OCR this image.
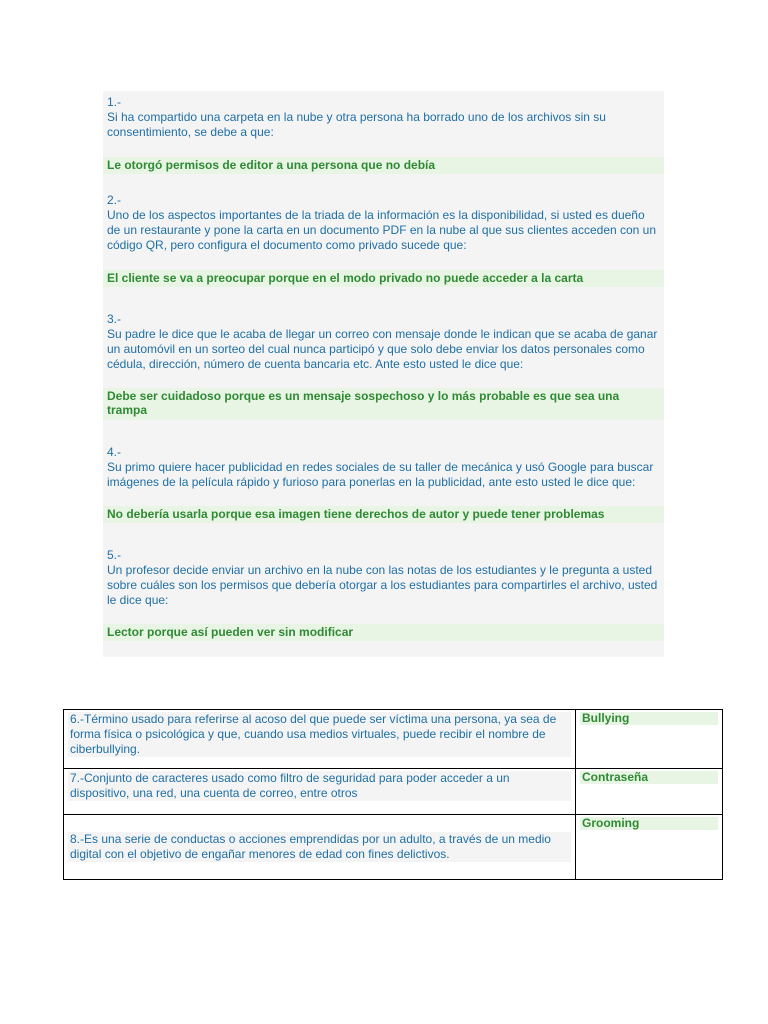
1.-
Si ha compartido una carpeta en la nube y otra persona ha borrado uno de los archivos sin su consentimiento, se debe a que:
Le otorgó permisos de editor a una persona que no debía
2.-
Uno de los aspectos importantes de la triada de la información es la disponibilidad, si usted es dueño de un restaurante y pone la carta en un documento PDF en la nube al que sus clientes acceden con un código QR, pero configura el documento como privado sucede que:
El cliente se va a preocupar porque en el modo privado no puede acceder a la carta
3.-
Su padre le dice que le acaba de llegar un correo con mensaje donde le indican que se acaba de ganar un automóvil en un sorteo del cual nunca participó y que solo debe enviar los datos personales como cédula, dirección, número de cuenta bancaria etc. Ante esto usted le dice que:
Debe ser cuidadoso porque es un mensaje sospechoso y lo más probable es que sea una trampa
4.-
Su primo quiere hacer publicidad en redes sociales de su taller de mecánica y usó Google para buscar imágenes de la película rápido y furioso para ponerlas en la publicidad, ante esto usted le dice que:
No debería usarla porque esa imagen tiene derechos de autor y puede tener problemas
5.-
Un profesor decide enviar un archivo en la nube con las notas de los estudiantes y le pregunta a usted sobre cuáles son los permisos que debería otorgar a los estudiantes para compartirles el archivo, usted le dice que:
Lector porque así pueden ver sin modificar
6.-Término usado para referirse al acoso del que puede ser víctima una persona, ya sea de forma física o psicológica y que, cuando usa medios virtuales, puede recibir el nombre de ciberbullying.	Bullying

7.-Conjunto de caracteres usado como filtro de seguridad para poder acceder a un dispositivo, una red, una cuenta de correo, entre otros	Contraseña

8.-Es una serie de conductas o acciones emprendidas por un adulto, a través de un medio digital con el objetivo de engañar menores de edad con fines delictivos.	Grooming
